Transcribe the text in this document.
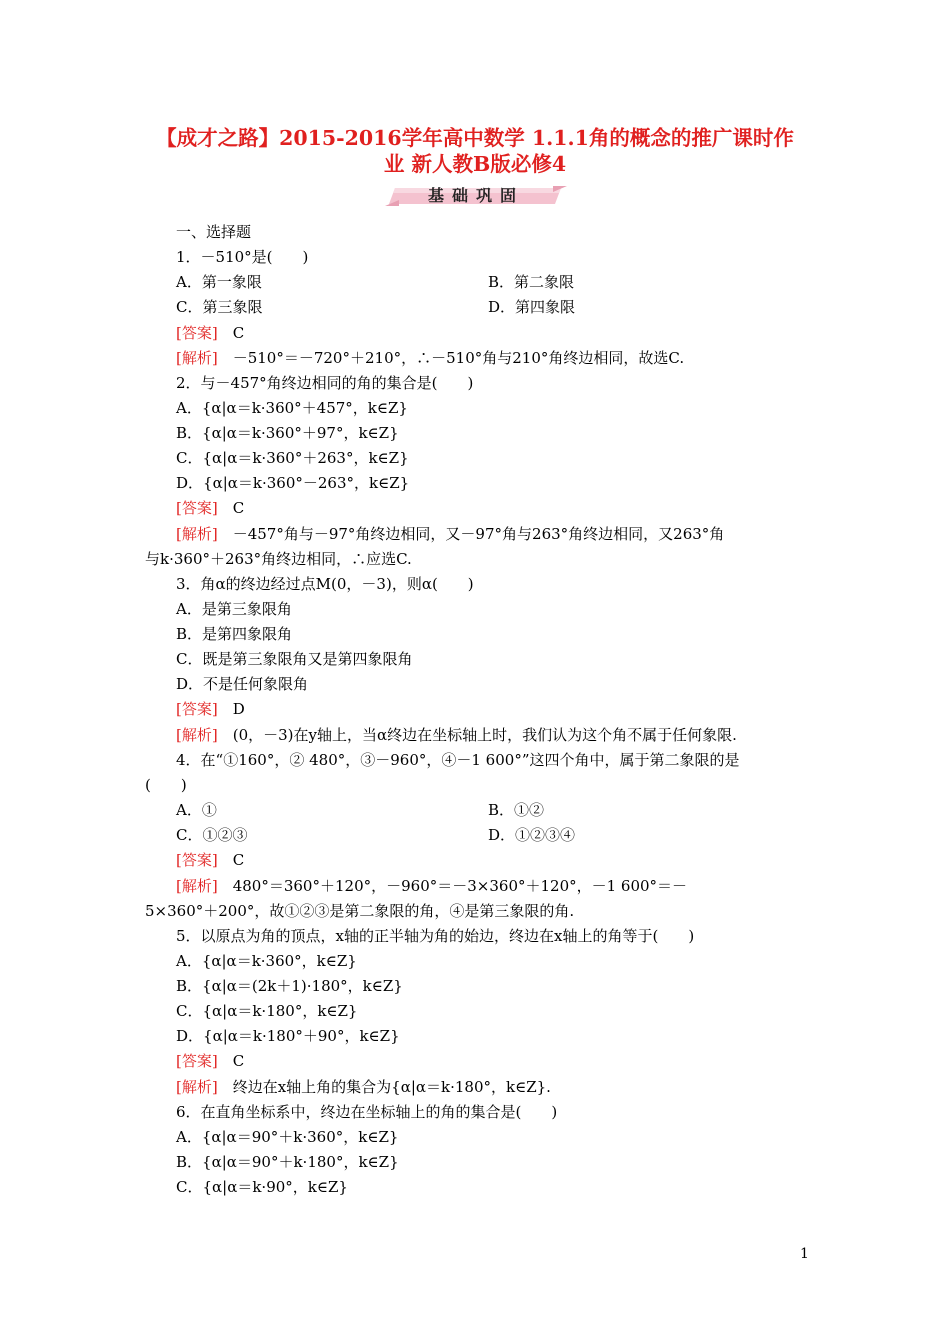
【成才之路】2015-2016学年高中数学 1.1.1角的概念的推广课时作
业 新人教B版必修4
基础巩固
一、选择题
1．－510°是(　　)
A．第一象限	B．第二象限
C．第三象限	D．第四象限
[答案]　C
[解析]　－510°＝－720°＋210°，∴－510°角与210°角终边相同，故选C.
2．与－457°角终边相同的角的集合是(　　)
A．{α|α＝k·360°＋457°，k∈Z}
B．{α|α＝k·360°＋97°，k∈Z}
C．{α|α＝k·360°＋263°，k∈Z}
D．{α|α＝k·360°－263°，k∈Z}
[答案]　C
[解析]　－457°角与－97°角终边相同，又－97°角与263°角终边相同，又263°角
与k·360°＋263°角终边相同，∴应选C.
3．角α的终边经过点M(0，－3)，则α(　　)
A．是第三象限角
B．是第四象限角
C．既是第三象限角又是第四象限角
D．不是任何象限角
[答案]　D
[解析]　(0，－3)在y轴上，当α终边在坐标轴上时，我们认为这个角不属于任何象限.
4．在“①160°，② 480°，③－960°，④－1 600°”这四个角中，属于第二象限的是
(　　)
A．①	B．①②
C．①②③	D．①②③④
[答案]　C
[解析]　480°＝360°＋120°，－960°＝－3×360°＋120°，－1 600°＝－
5×360°＋200°，故①②③是第二象限的角，④是第三象限的角.
5．以原点为角的顶点，x轴的正半轴为角的始边，终边在x轴上的角等于(　　)
A．{α|α＝k·360°，k∈Z}
B．{α|α＝(2k＋1)·180°，k∈Z}
C．{α|α＝k·180°，k∈Z}
D．{α|α＝k·180°＋90°，k∈Z}
[答案]　C
[解析]　终边在x轴上角的集合为{α|α＝k·180°，k∈Z}.
6．在直角坐标系中，终边在坐标轴上的角的集合是(　　)
A．{α|α＝90°＋k·360°，k∈Z}
B．{α|α＝90°＋k·180°，k∈Z}
C．{α|α＝k·90°，k∈Z}
1
